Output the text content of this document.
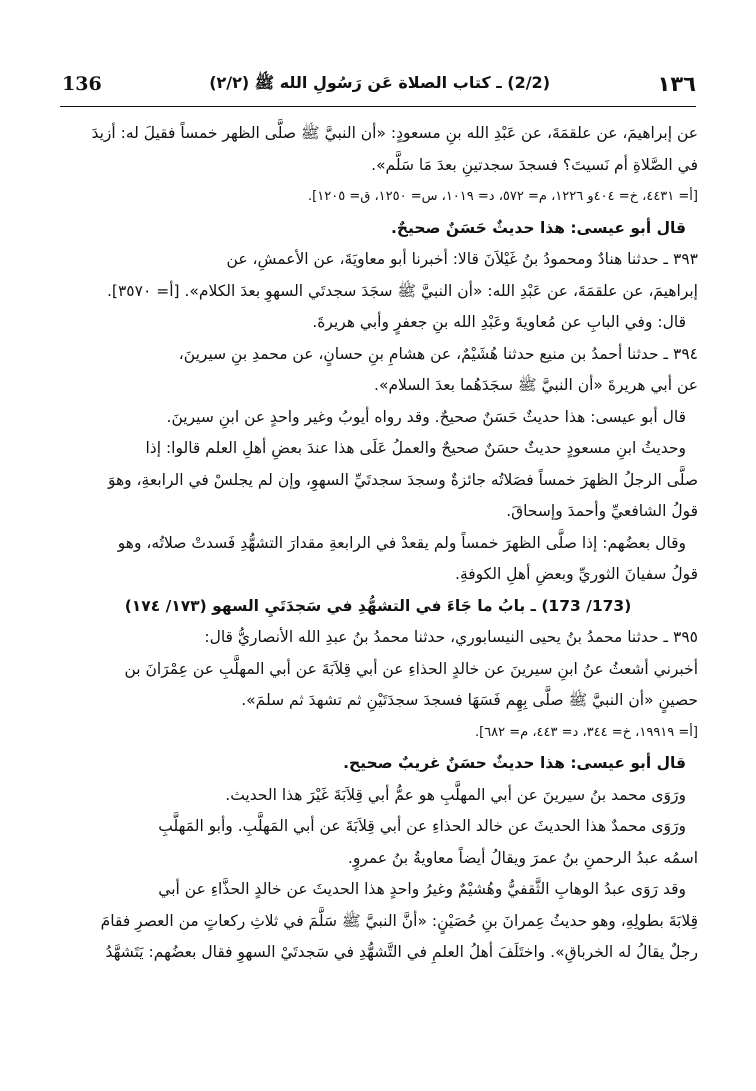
136	(2/2) ـ كتاب الصلاة عَن رَسُولِ الله ﷺ (٢/٢)	١٣٦
عن إبراهيمَ، عن علقمَةَ، عن عَبْدِ الله بنِ مسعودٍ: «أن النبيَّ ﷺ صلَّى الظهر خمساً فقيلَ له: أزيدَ
في الصَّلاةِ أم نَسيتَ؟ فسجدَ سجدتينِ بعدَ مَا سَلَّم».
[أ= ٤٤٣١، خ= ٤٠٤و ١٢٢٦، م= ٥٧٢، د= ١٠١٩، س= ١٢٥٠، ق= ١٢٠٥].
قال أبو عيسى: هذا حديثٌ حَسَنٌ صحيحٌ.
٣٩٣ ـ حدثنا هنادٌ ومحمودُ بنُ غَيْلاَنَ قالا: أخبرنا أبو معاويَةَ، عن الأعمشِ، عن
إبراهيمَ، عن علقمَةَ، عن عَبْدِ الله: «أن النبيَّ ﷺ سجَدَ سجدتَي السهوِ بعدَ الكلام». [أ= ٣٥٧٠].
قال: وفي البابِ عن مُعاويةَ وعَبْدِ الله بنِ جعفرٍ وأبي هريرةَ.
٣٩٤ ـ حدثنا أحمدُ بن منيع حدثنا هُشَيْمٌ، عن هشامِ بنِ حسانٍ، عن محمدِ بنِ سيرينَ،
عن أبي هريرةَ «أن النبيَّ ﷺ سجَدَهُما بعدَ السلام».
قال أبو عيسى: هذا حديثٌ حَسَنٌ صحيحٌ. وقد رواه أيوبُ وغير واحدٍ عن ابنِ سيرينَ.
وحديثُ ابنِ مسعودٍ حديثٌ حسَنٌ صحيحٌ والعملُ عَلَى هذا عندَ بعضِ أهلِ العلم قالوا: إذا
صلَّى الرجلُ الظهرَ خمساً فصَلاتُه جائزةٌ وسجدَ سجدتَيِّ السهوِ، وإن لم يجلسْ في الرابعةِ، وهوَ
قولُ الشافعيِّ وأحمدَ وإسحاقَ.
وقال بعضُهم: إذا صلَّى الظهرَ خمساً ولم يقعدْ في الرابعةِ مقدارَ التشهُّدِ فَسدتْ صلاتُه، وهو
قولُ سفيانَ الثوريِّ وبعضِ أهلِ الكوفةِ.
(173/ 173) ـ بابُ ما جَاءَ في التشهُّدِ في سَجدَتَيِ السهو (١٧٣/ ١٧٤)
٣٩٥ ـ حدثنا محمدُ بنُ يحيى النيسابوري، حدثنا محمدُ بنُ عبدِ الله الأنصاريُّ قال:
أخبرني أشعثُ عنُ ابنِ سيرينَ عن خالدٍ الحذاءِ عن أبي قِلاَبَةَ عن أبي المهلَّبِ عن عِمْرَانَ بن
حصينٍ «أن النبيَّ ﷺ صلَّى بِهِم فَسَهَا فسجدَ سجدَتَيْنِ ثم تشهدَ ثم سلمَ».
[أ= ١٩٩١٩، خ= ٣٤٤، د= ٤٤٣، م= ٦٨٢].
قال أبو عيسى: هذا حديثٌ حسَنٌ غريبٌ صحيح.
ورَوَى محمد بنُ سيرينَ عن أبي المهلَّبِ هو عمُّ أبي قِلاَبَةَ غَيْرَ هذا الحديث.
ورَوَى محمدٌ هذا الحديثَ عن خالد الحذاءِ عن أبي قِلاَبَةَ عن أبي المَهلَّبِ. وأبو المَهلَّبِ
اسمُه عبدُ الرحمنِ بنُ عمرَ ويقالُ أيضاً معاويةُ بنُ عمروٍ.
وقد رَوَى عبدُ الوهابِ الثَّقفيُّ وهُشيْمٌ وغيرُ واحدٍ هذا الحديثَ عن خالدٍ الحذَّاءِ عن أبي
قِلابَةَ بطولِهِ، وهو حديثُ عِمرانَ بنِ حُصَيْنٍ: «أنَّ النبيَّ ﷺ سَلَّمَ في ثلاثِ ركعاتٍ من العصرِ فقامَ
رجلٌ يقالُ له الخرباقِ». واختَلَفَ أهلُ العلمِ في التَّشهُّدِ في سَجدتَيْ السهوِ فقال بعضُهم: يَتَشهَّدُ
